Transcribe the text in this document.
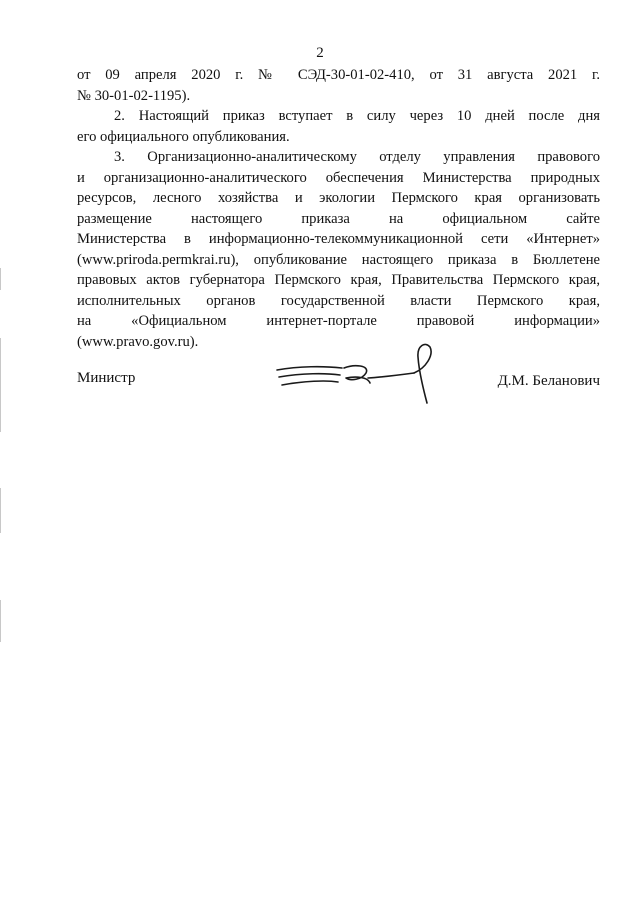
2
от 09 апреля 2020 г. № СЭД-30-01-02-410, от 31 августа 2021 г.
№ 30-01-02-1195).
2. Настоящий приказ вступает в силу через 10 дней после дня
его официального опубликования.
3. Организационно-аналитическому отделу управления правового
и организационно-аналитического обеспечения Министерства природных
ресурсов, лесного хозяйства и экологии Пермского края организовать
размещение настоящего приказа на официальном сайте
Министерства в информационно-телекоммуникационной сети «Интернет»
(www.priroda.permkrai.ru), опубликование настоящего приказа в Бюллетене
правовых актов губернатора Пермского края, Правительства Пермского края,
исполнительных органов государственной власти Пермского края,
на «Официальном интернет-портале правовой информации»
(www.pravo.gov.ru).
Министр	Д.М. Беланович
